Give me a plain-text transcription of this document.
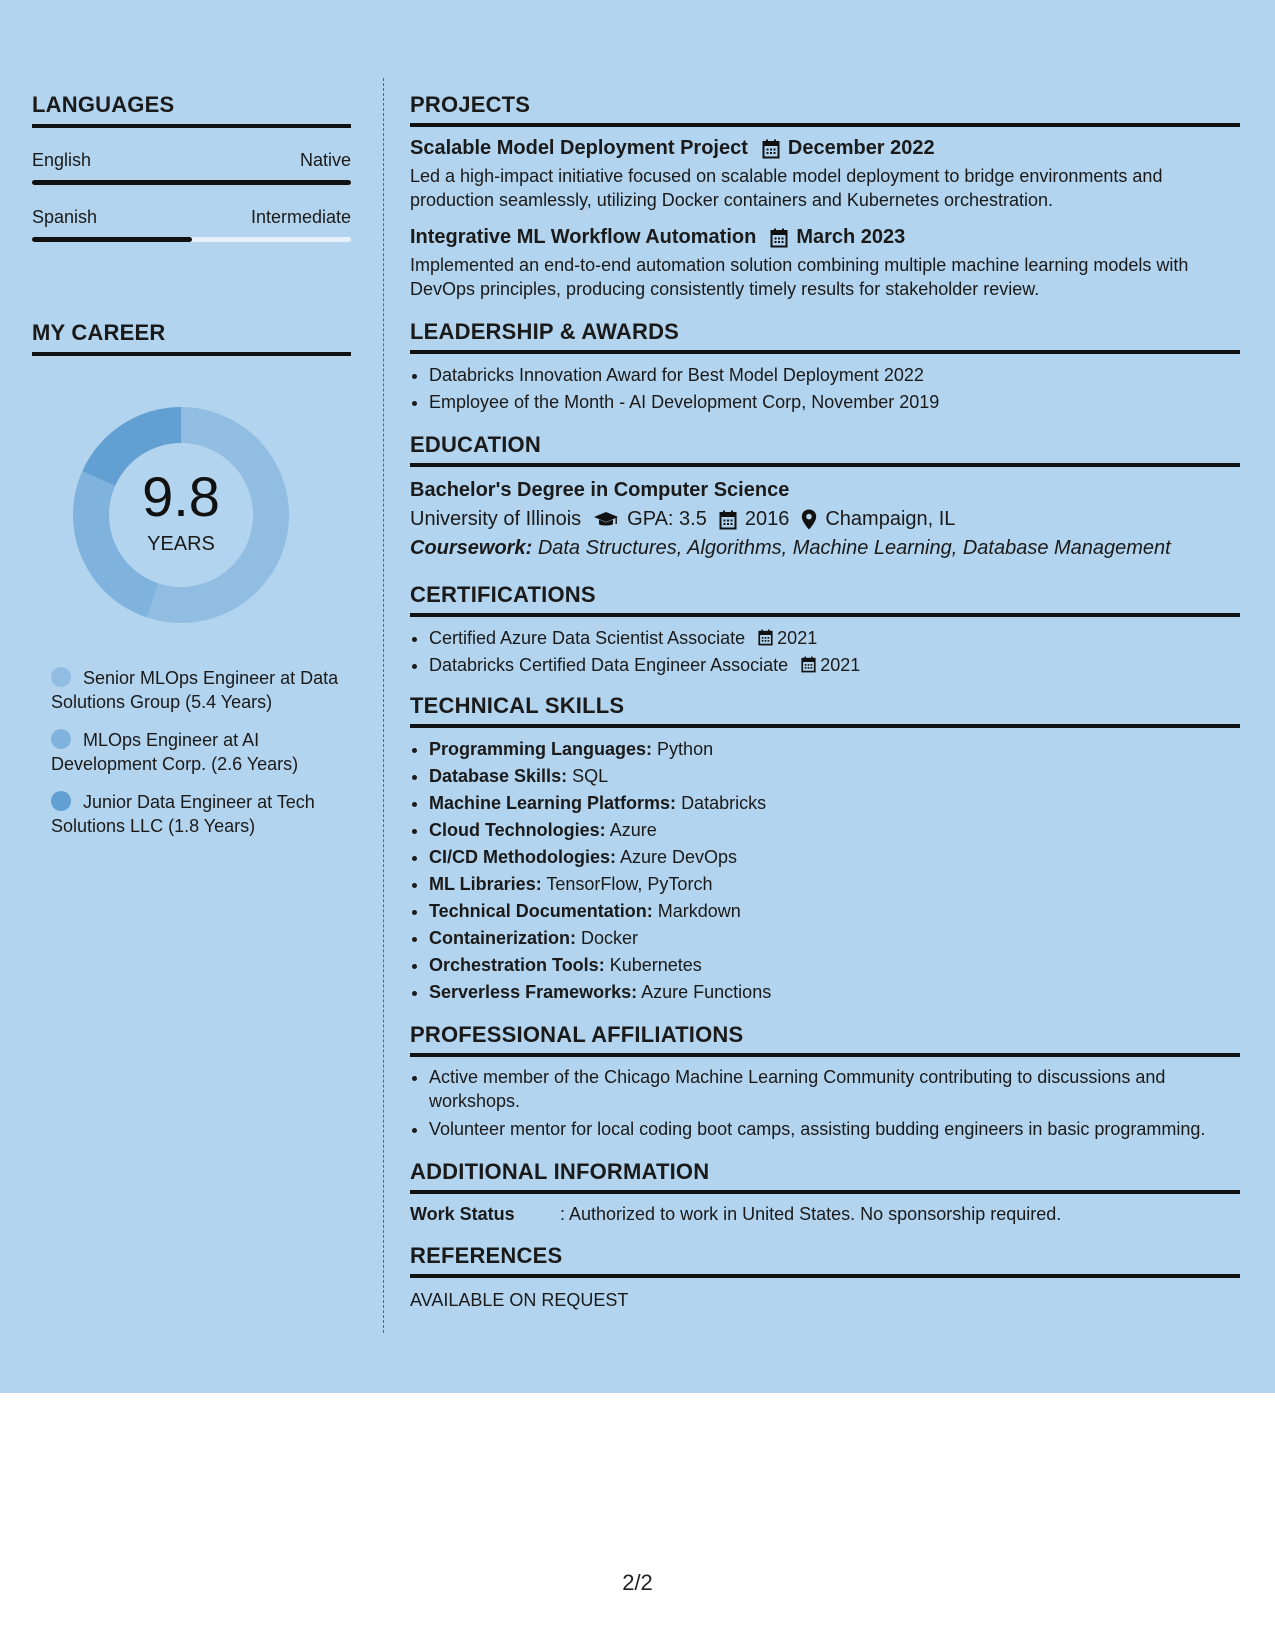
LANGUAGES
English	Native
Spanish	Intermediate
MY CAREER
9.8
YEARS
Senior MLOps Engineer at Data Solutions Group (5.4 Years)
MLOps Engineer at AI Development Corp. (2.6 Years)
Junior Data Engineer at Tech Solutions LLC (1.8 Years)
PROJECTS
Scalable Model Deployment Project December 2022
Led a high-impact initiative focused on scalable model deployment to bridge environments and production seamlessly, utilizing Docker containers and Kubernetes orchestration.
Integrative ML Workflow Automation March 2023
Implemented an end-to-end automation solution combining multiple machine learning models with DevOps principles, producing consistently timely results for stakeholder review.
LEADERSHIP & AWARDS
• Databricks Innovation Award for Best Model Deployment 2022
• Employee of the Month - AI Development Corp, November 2019
EDUCATION
Bachelor's Degree in Computer Science
University of Illinois GPA: 3.5 2016 Champaign, IL
Coursework: Data Structures, Algorithms, Machine Learning, Database Management
CERTIFICATIONS
• Certified Azure Data Scientist Associate 2021
• Databricks Certified Data Engineer Associate 2021
TECHNICAL SKILLS
• Programming Languages: Python
• Database Skills: SQL
• Machine Learning Platforms: Databricks
• Cloud Technologies: Azure
• CI/CD Methodologies: Azure DevOps
• ML Libraries: TensorFlow, PyTorch
• Technical Documentation: Markdown
• Containerization: Docker
• Orchestration Tools: Kubernetes
• Serverless Frameworks: Azure Functions
PROFESSIONAL AFFILIATIONS
• Active member of the Chicago Machine Learning Community contributing to discussions and workshops.
• Volunteer mentor for local coding boot camps, assisting budding engineers in basic programming.
ADDITIONAL INFORMATION
Work Status	: Authorized to work in United States. No sponsorship required.
REFERENCES
AVAILABLE ON REQUEST
2/2
